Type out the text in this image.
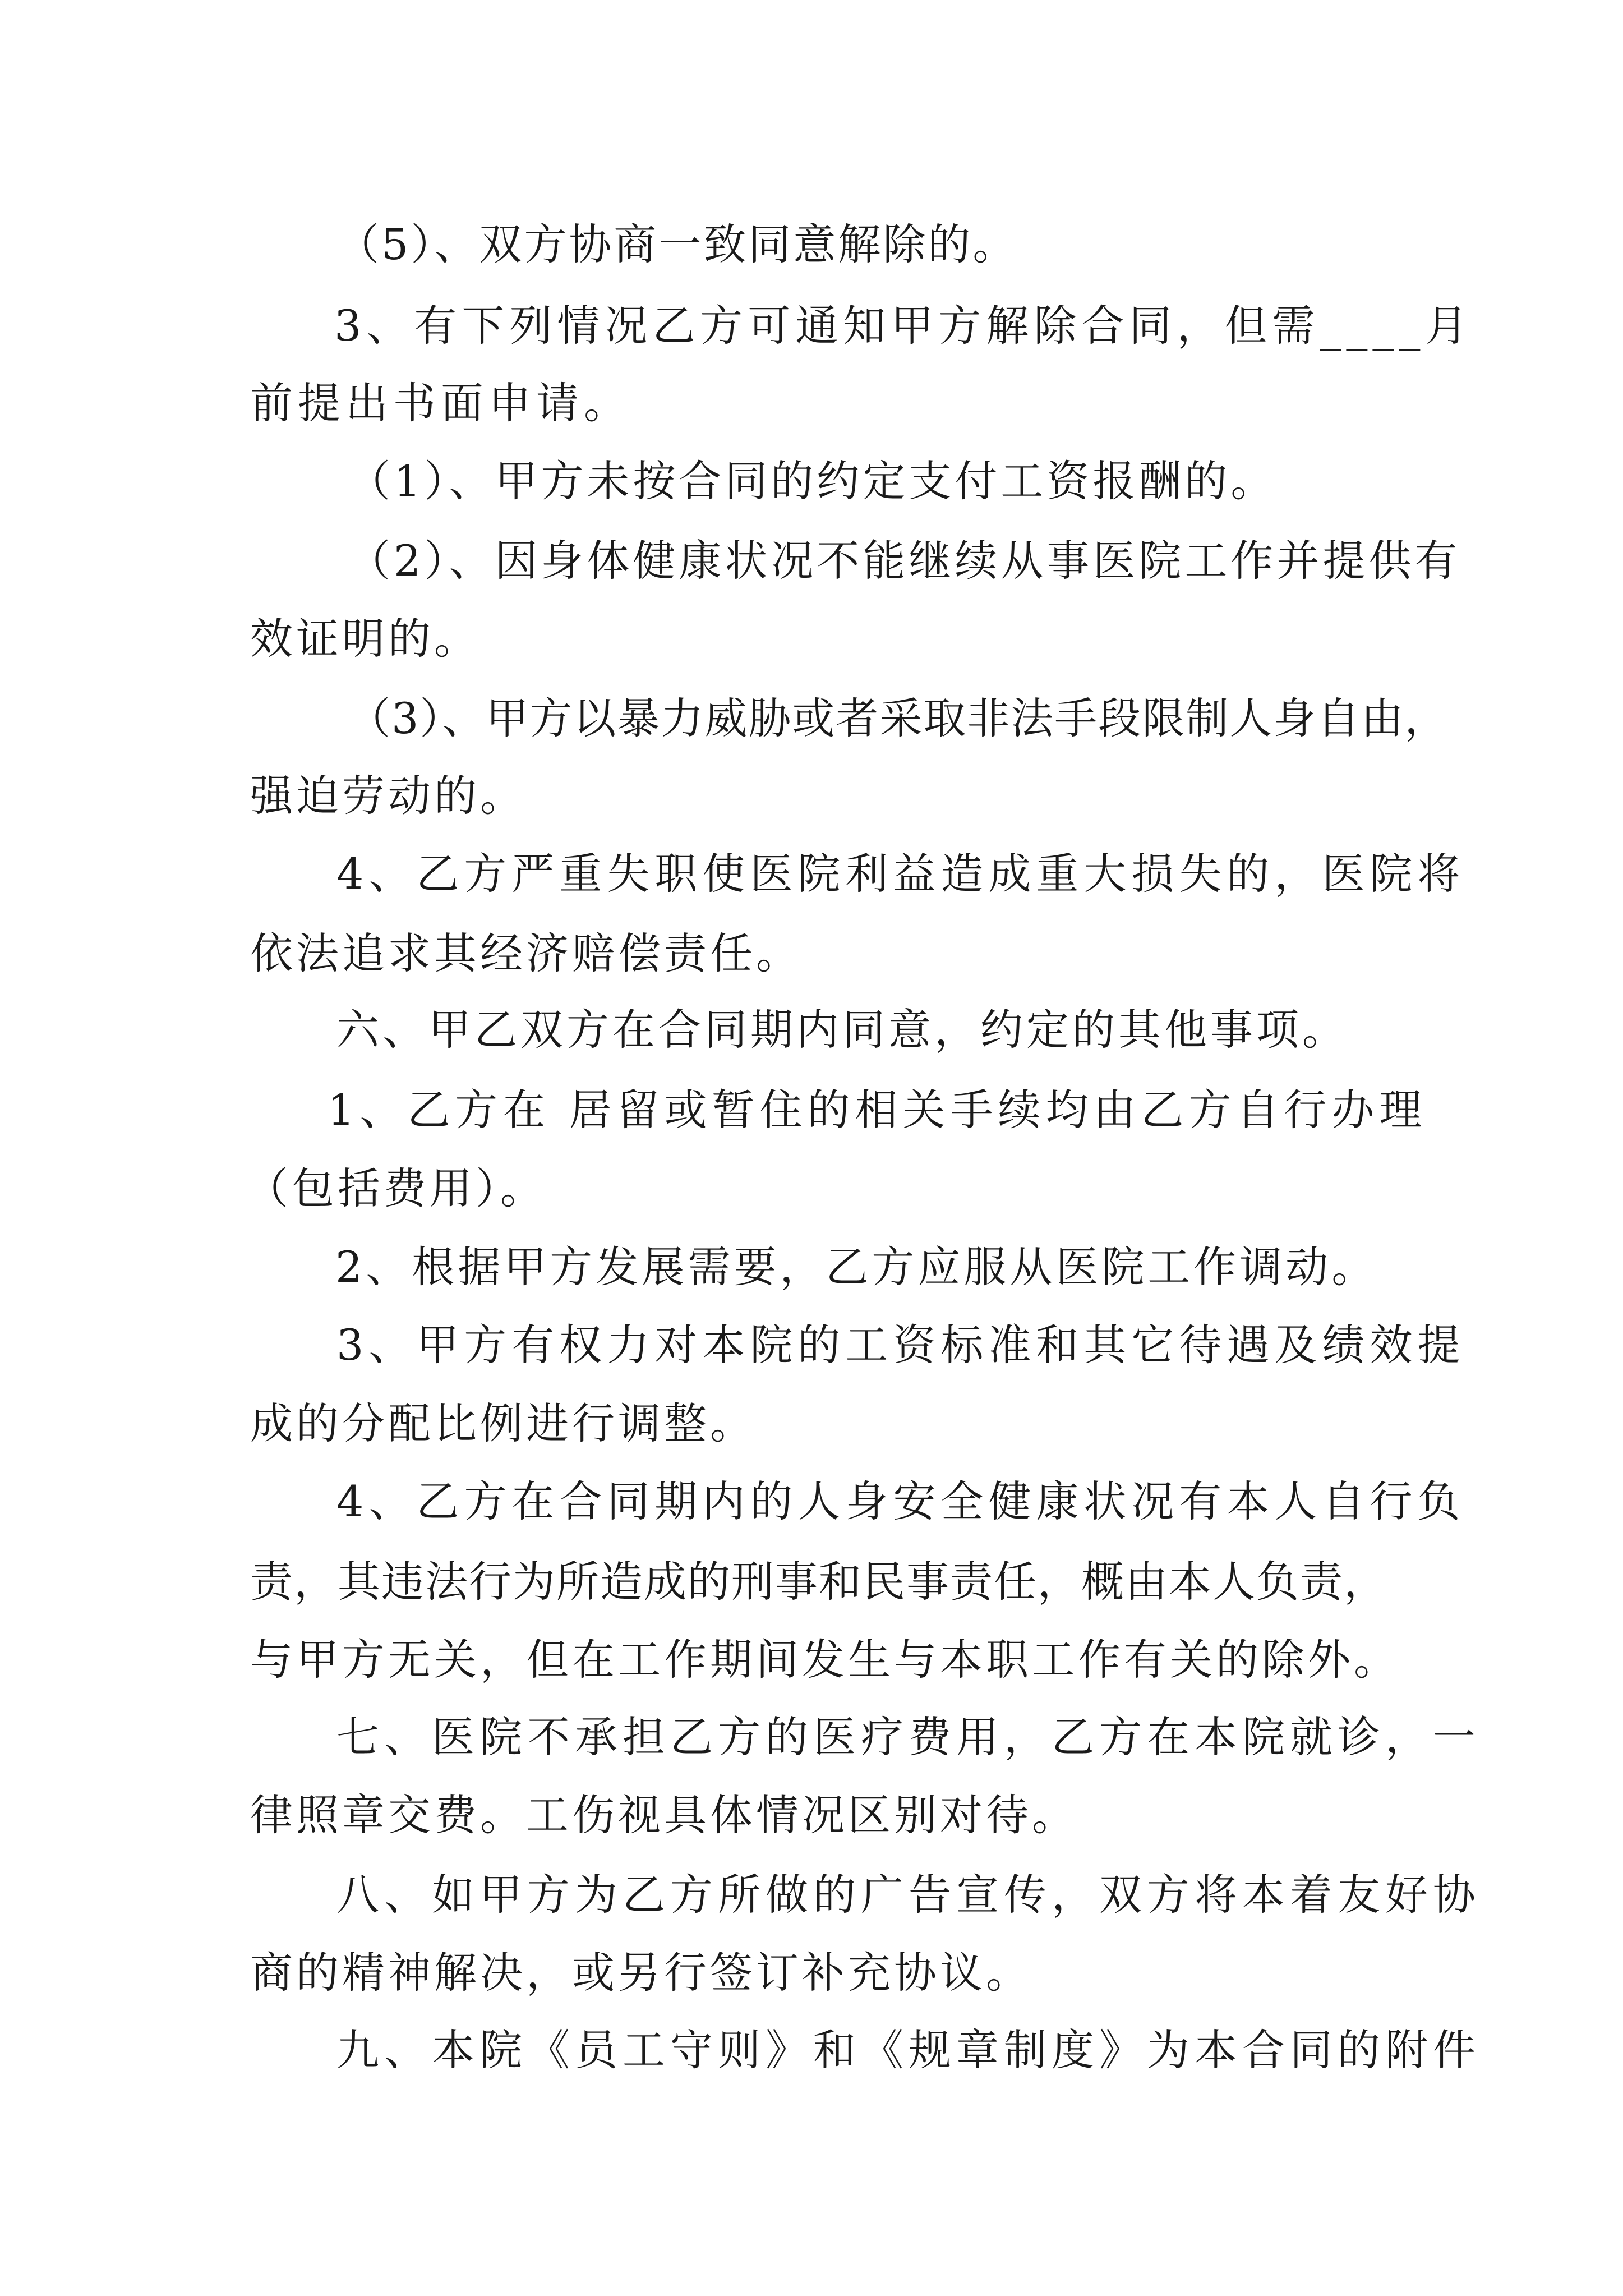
（5）、双方协商一致同意解除的。

3、有下列情况乙方可通知甲方解除合同，但需____月

前提出书面申请。

（1）、甲方未按合同的约定支付工资报酬的。

（2）、因身体健康状况不能继续从事医院工作并提供有

效证明的。

（3）、甲方以暴力威胁或者采取非法手段限制人身自由，

强迫劳动的。

4、乙方严重失职使医院利益造成重大损失的，医院将

依法追求其经济赔偿责任。

六、甲乙双方在合同期内同意，约定的其他事项。

1、乙方在 居留或暂住的相关手续均由乙方自行办理

（包括费用）。

2、根据甲方发展需要，乙方应服从医院工作调动。

3、甲方有权力对本院的工资标准和其它待遇及绩效提

成的分配比例进行调整。

4、乙方在合同期内的人身安全健康状况有本人自行负

责，其违法行为所造成的刑事和民事责任，概由本人负责，

与甲方无关，但在工作期间发生与本职工作有关的除外。

七、医院不承担乙方的医疗费用，乙方在本院就诊，一

律照章交费。工伤视具体情况区别对待。

八、如甲方为乙方所做的广告宣传，双方将本着友好协

商的精神解决，或另行签订补充协议。

九、本院《员工守则》和《规章制度》为本合同的附件
